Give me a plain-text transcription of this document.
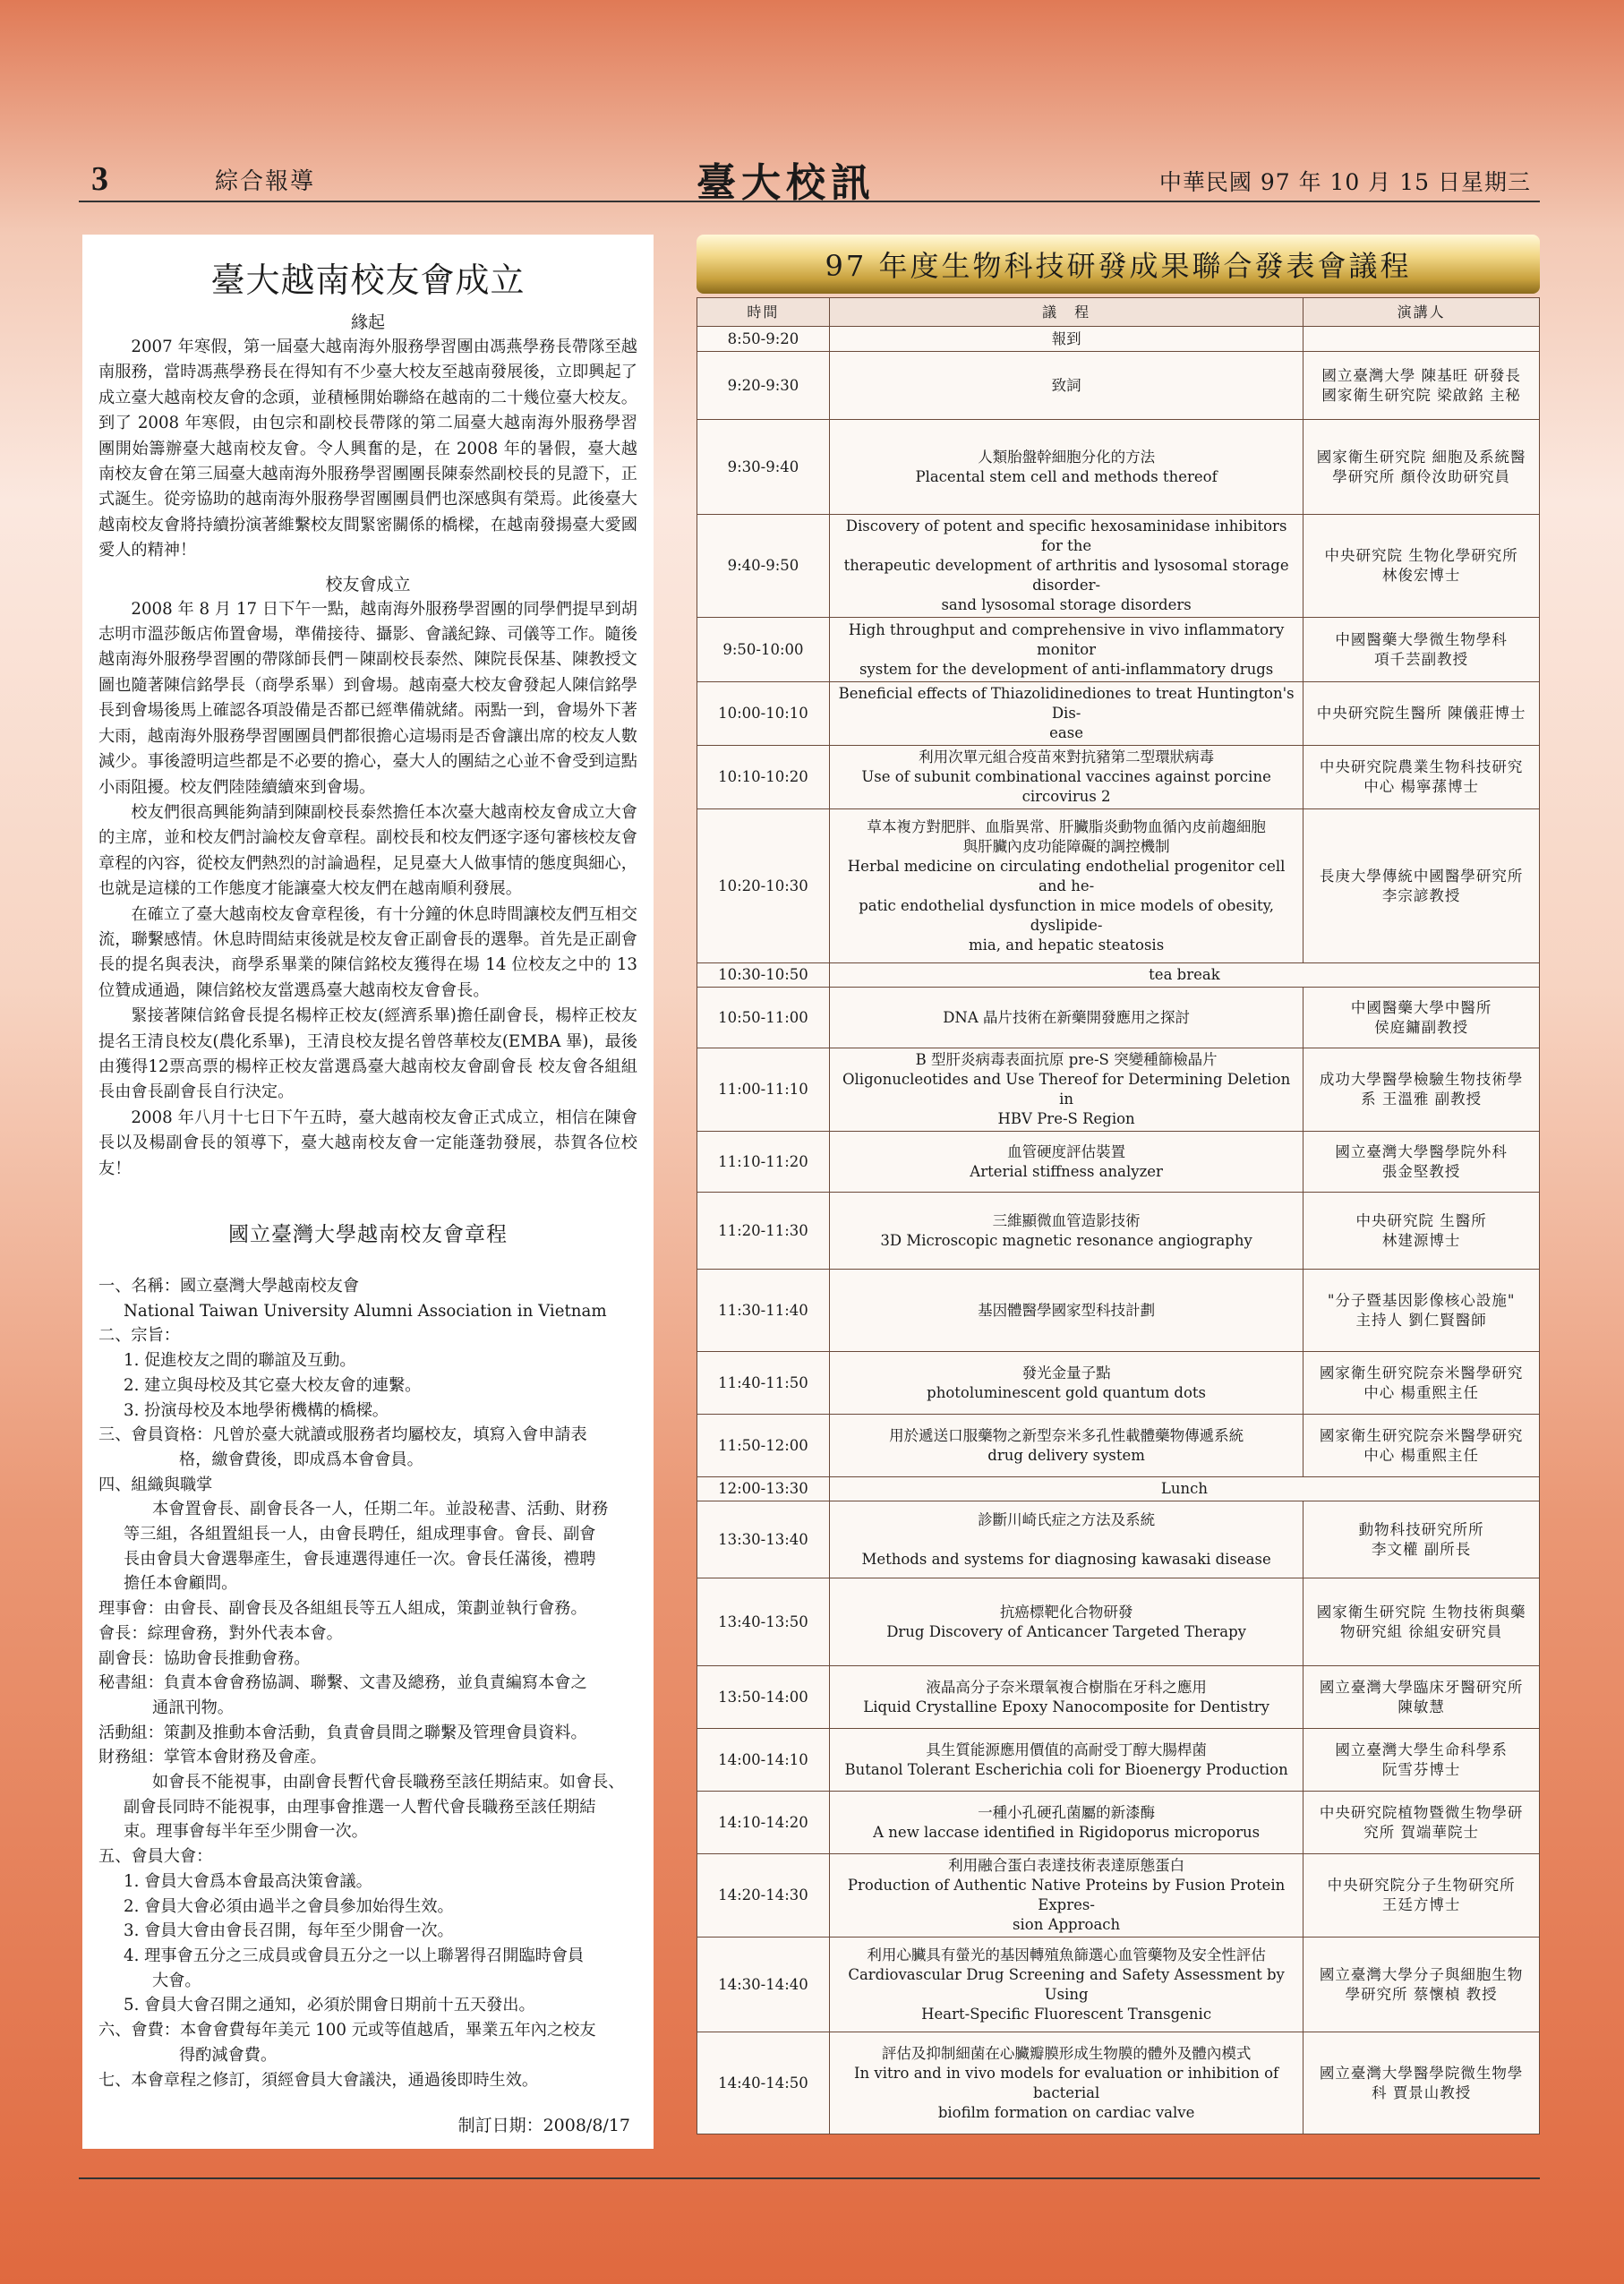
3	綜合報導	臺大校訊	中華民國 97 年 10 月 15 日星期三
臺大越南校友會成立
緣起
2007 年寒假，第一屆臺大越南海外服務學習團由馮燕學務長帶隊至越南服務，當時馮燕學務長在得知有不少臺大校友至越南發展後，立即興起了成立臺大越南校友會的念頭，並積極開始聯絡在越南的二十幾位臺大校友。到了 2008 年寒假，由包宗和副校長帶隊的第二屆臺大越南海外服務學習團開始籌辦臺大越南校友會。令人興奮的是，在 2008 年的暑假，臺大越南校友會在第三屆臺大越南海外服務學習團團長陳泰然副校長的見證下，正式誕生。從旁協助的越南海外服務學習團團員們也深感與有榮焉。此後臺大越南校友會將持續扮演著維繫校友間緊密關係的橋樑，在越南發揚臺大愛國愛人的精神！
校友會成立
2008 年 8 月 17 日下午一點，越南海外服務學習團的同學們提早到胡志明市溫莎飯店佈置會場，準備接待、攝影、會議紀錄、司儀等工作。隨後越南海外服務學習團的帶隊師長們－陳副校長泰然、陳院長保基、陳教授文圖也隨著陳信銘學長（商學系畢）到會場。越南臺大校友會發起人陳信銘學長到會場後馬上確認各項設備是否都已經準備就緒。兩點一到，會場外下著大雨，越南海外服務學習團團員們都很擔心這場雨是否會讓出席的校友人數減少。事後證明這些都是不必要的擔心，臺大人的團結之心並不會受到這點小雨阻擾。校友們陸陸續續來到會場。
校友們很高興能夠請到陳副校長泰然擔任本次臺大越南校友會成立大會的主席，並和校友們討論校友會章程。副校長和校友們逐字逐句審核校友會章程的內容，從校友們熱烈的討論過程，足見臺大人做事情的態度與細心，也就是這樣的工作態度才能讓臺大校友們在越南順利發展。
在確立了臺大越南校友會章程後，有十分鐘的休息時間讓校友們互相交流，聯繫感情。休息時間結束後就是校友會正副會長的選舉。首先是正副會長的提名與表決，商學系畢業的陳信銘校友獲得在場 14 位校友之中的 13 位贊成通過，陳信銘校友當選爲臺大越南校友會會長。
緊接著陳信銘會長提名楊梓正校友(經濟系畢)擔任副會長，楊梓正校友提名王清良校友(農化系畢)，王清良校友提名曾啓華校友(EMBA 畢)，最後由獲得12票高票的楊梓正校友當選爲臺大越南校友會副會長 校友會各組組長由會長副會長自行決定。
2008 年八月十七日下午五時，臺大越南校友會正式成立，相信在陳會長以及楊副會長的領導下，臺大越南校友會一定能蓬勃發展，恭賀各位校友！
國立臺灣大學越南校友會章程
一、名稱：國立臺灣大學越南校友會
National Taiwan University Alumni Association in Vietnam
二、宗旨：
1. 促進校友之間的聯誼及互動。
2. 建立與母校及其它臺大校友會的連繫。
3. 扮演母校及本地學術機構的橋樑。
三、會員資格：凡曾於臺大就讀或服務者均屬校友，填寫入會申請表
格，繳會費後，即成爲本會會員。
四、組織與職掌
本會置會長、副會長各一人，任期二年。並設秘書、活動、財務
等三組，各組置組長一人，由會長聘任，組成理事會。會長、副會
長由會員大會選舉產生，會長連選得連任一次。會長任滿後，禮聘
擔任本會顧問。
理事會：由會長、副會長及各組組長等五人組成，策劃並執行會務。
會長：綜理會務，對外代表本會。
副會長：協助會長推動會務。
秘書組：負責本會會務協調、聯繫、文書及總務，並負責編寫本會之
通訊刊物。
活動組：策劃及推動本會活動，負責會員間之聯繫及管理會員資料。
財務組：掌管本會財務及會產。
如會長不能視事，由副會長暫代會長職務至該任期結束。如會長、
副會長同時不能視事，由理事會推選一人暫代會長職務至該任期結
束。理事會每半年至少開會一次。
五、會員大會：
1. 會員大會爲本會最高決策會議。
2. 會員大會必須由過半之會員參加始得生效。
3. 會員大會由會長召開，每年至少開會一次。
4. 理事會五分之三成員或會員五分之一以上聯署得召開臨時會員
大會。
5. 會員大會召開之通知，必須於開會日期前十五天發出。
六、會費：本會會費每年美元 100 元或等值越盾，畢業五年內之校友
得酌減會費。
七、本會章程之修訂，須經會員大會議決，通過後即時生效。
制訂日期：2008/8/17
97 年度生物科技研發成果聯合發表會議程
時間	議　程	演講人
8:50-9:20	報到	

9:20-9:30	致詞	國立臺灣大學 陳基旺 研發長
國家衛生研究院 梁啟銘 主秘

9:30-9:40	人類胎盤幹細胞分化的方法
Placental stem cell and methods thereof	國家衛生研究院 細胞及系統醫
學研究所 顏伶汝助研究員

9:40-9:50	Discovery of potent and specific hexosaminidase inhibitors for the
therapeutic development of arthritis and lysosomal storage disorder-
sand lysosomal storage disorders	中央研究院 生物化學研究所
林俊宏博士

9:50-10:00	High throughput and comprehensive in vivo inflammatory monitor
system for the development of anti-inflammatory drugs	中國醫藥大學微生物學科
項千芸副教授

10:00-10:10	Beneficial effects of Thiazolidinediones to treat Huntington's Dis-
ease	中央研究院生醫所 陳儀莊博士

10:10-10:20	利用次單元組合疫苗來對抗豬第二型環狀病毒
Use of subunit combinational vaccines against porcine circovirus 2	中央研究院農業生物科技研究
中心 楊寧蓀博士

10:20-10:30	草本複方對肥胖、血脂異常、肝臟脂炎動物血循內皮前趨細胞
與肝臟內皮功能障礙的調控機制
Herbal medicine on circulating endothelial progenitor cell and he-
patic endothelial dysfunction in mice models of obesity, dyslipide-
mia, and hepatic steatosis	長庚大學傳統中國醫學研究所
李宗諺教授

10:30-10:50	tea break	

10:50-11:00	DNA 晶片技術在新藥開發應用之探討	中國醫藥大學中醫所
侯庭鏞副教授

11:00-11:10	B 型肝炎病毒表面抗原 pre-S 突變種篩檢晶片
Oligonucleotides and Use Thereof for Determining Deletion in
HBV Pre-S Region	成功大學醫學檢驗生物技術學
系 王溫雅 副教授

11:10-11:20	血管硬度評估裝置
Arterial stiffness analyzer	國立臺灣大學醫學院外科
張金堅教授

11:20-11:30	三維顯微血管造影技術
3D Microscopic magnetic resonance angiography	中央研究院 生醫所
林建源博士

11:30-11:40	基因體醫學國家型科技計劃	"分子暨基因影像核心設施"
主持人 劉仁賢醫師

11:40-11:50	發光金量子點
photoluminescent gold quantum dots	國家衛生研究院奈米醫學研究
中心 楊重熙主任

11:50-12:00	用於遞送口服藥物之新型奈米多孔性載體藥物傳遞系統
drug delivery system	國家衛生研究院奈米醫學研究
中心 楊重熙主任

12:00-13:30	Lunch	

13:30-13:40	診斷川崎氏症之方法及系統

Methods and systems for diagnosing kawasaki disease	動物科技研究所所
李文權 副所長

13:40-13:50	抗癌標靶化合物研發
Drug Discovery of Anticancer Targeted Therapy	國家衛生研究院 生物技術與藥
物研究組 徐組安研究員

13:50-14:00	液晶高分子奈米環氧複合樹脂在牙科之應用
Liquid Crystalline Epoxy Nanocomposite for Dentistry	國立臺灣大學臨床牙醫研究所
陳敏慧

14:00-14:10	具生質能源應用價值的高耐受丁醇大腸桿菌
Butanol Tolerant Escherichia coli for Bioenergy Production	國立臺灣大學生命科學系
阮雪芬博士

14:10-14:20	一種小孔硬孔菌屬的新漆酶
A new laccase identified in Rigidoporus microporus	中央研究院植物暨微生物學研
究所 賀端華院士

14:20-14:30	利用融合蛋白表達技術表達原態蛋白
Production of Authentic Native Proteins by Fusion Protein Expres-
sion Approach	中央研究院分子生物研究所
王廷方博士

14:30-14:40	利用心臟具有螢光的基因轉殖魚篩選心血管藥物及安全性評估
Cardiovascular Drug Screening and Safety Assessment by Using
Heart-Specific Fluorescent Transgenic	國立臺灣大學分子與細胞生物
學研究所 蔡懷楨 教授

14:40-14:50	評估及抑制細菌在心臟瓣膜形成生物膜的體外及體內模式
In vitro and in vivo models for evaluation or inhibition of bacterial
biofilm formation on cardiac valve	國立臺灣大學醫學院微生物學
科 賈景山教授
